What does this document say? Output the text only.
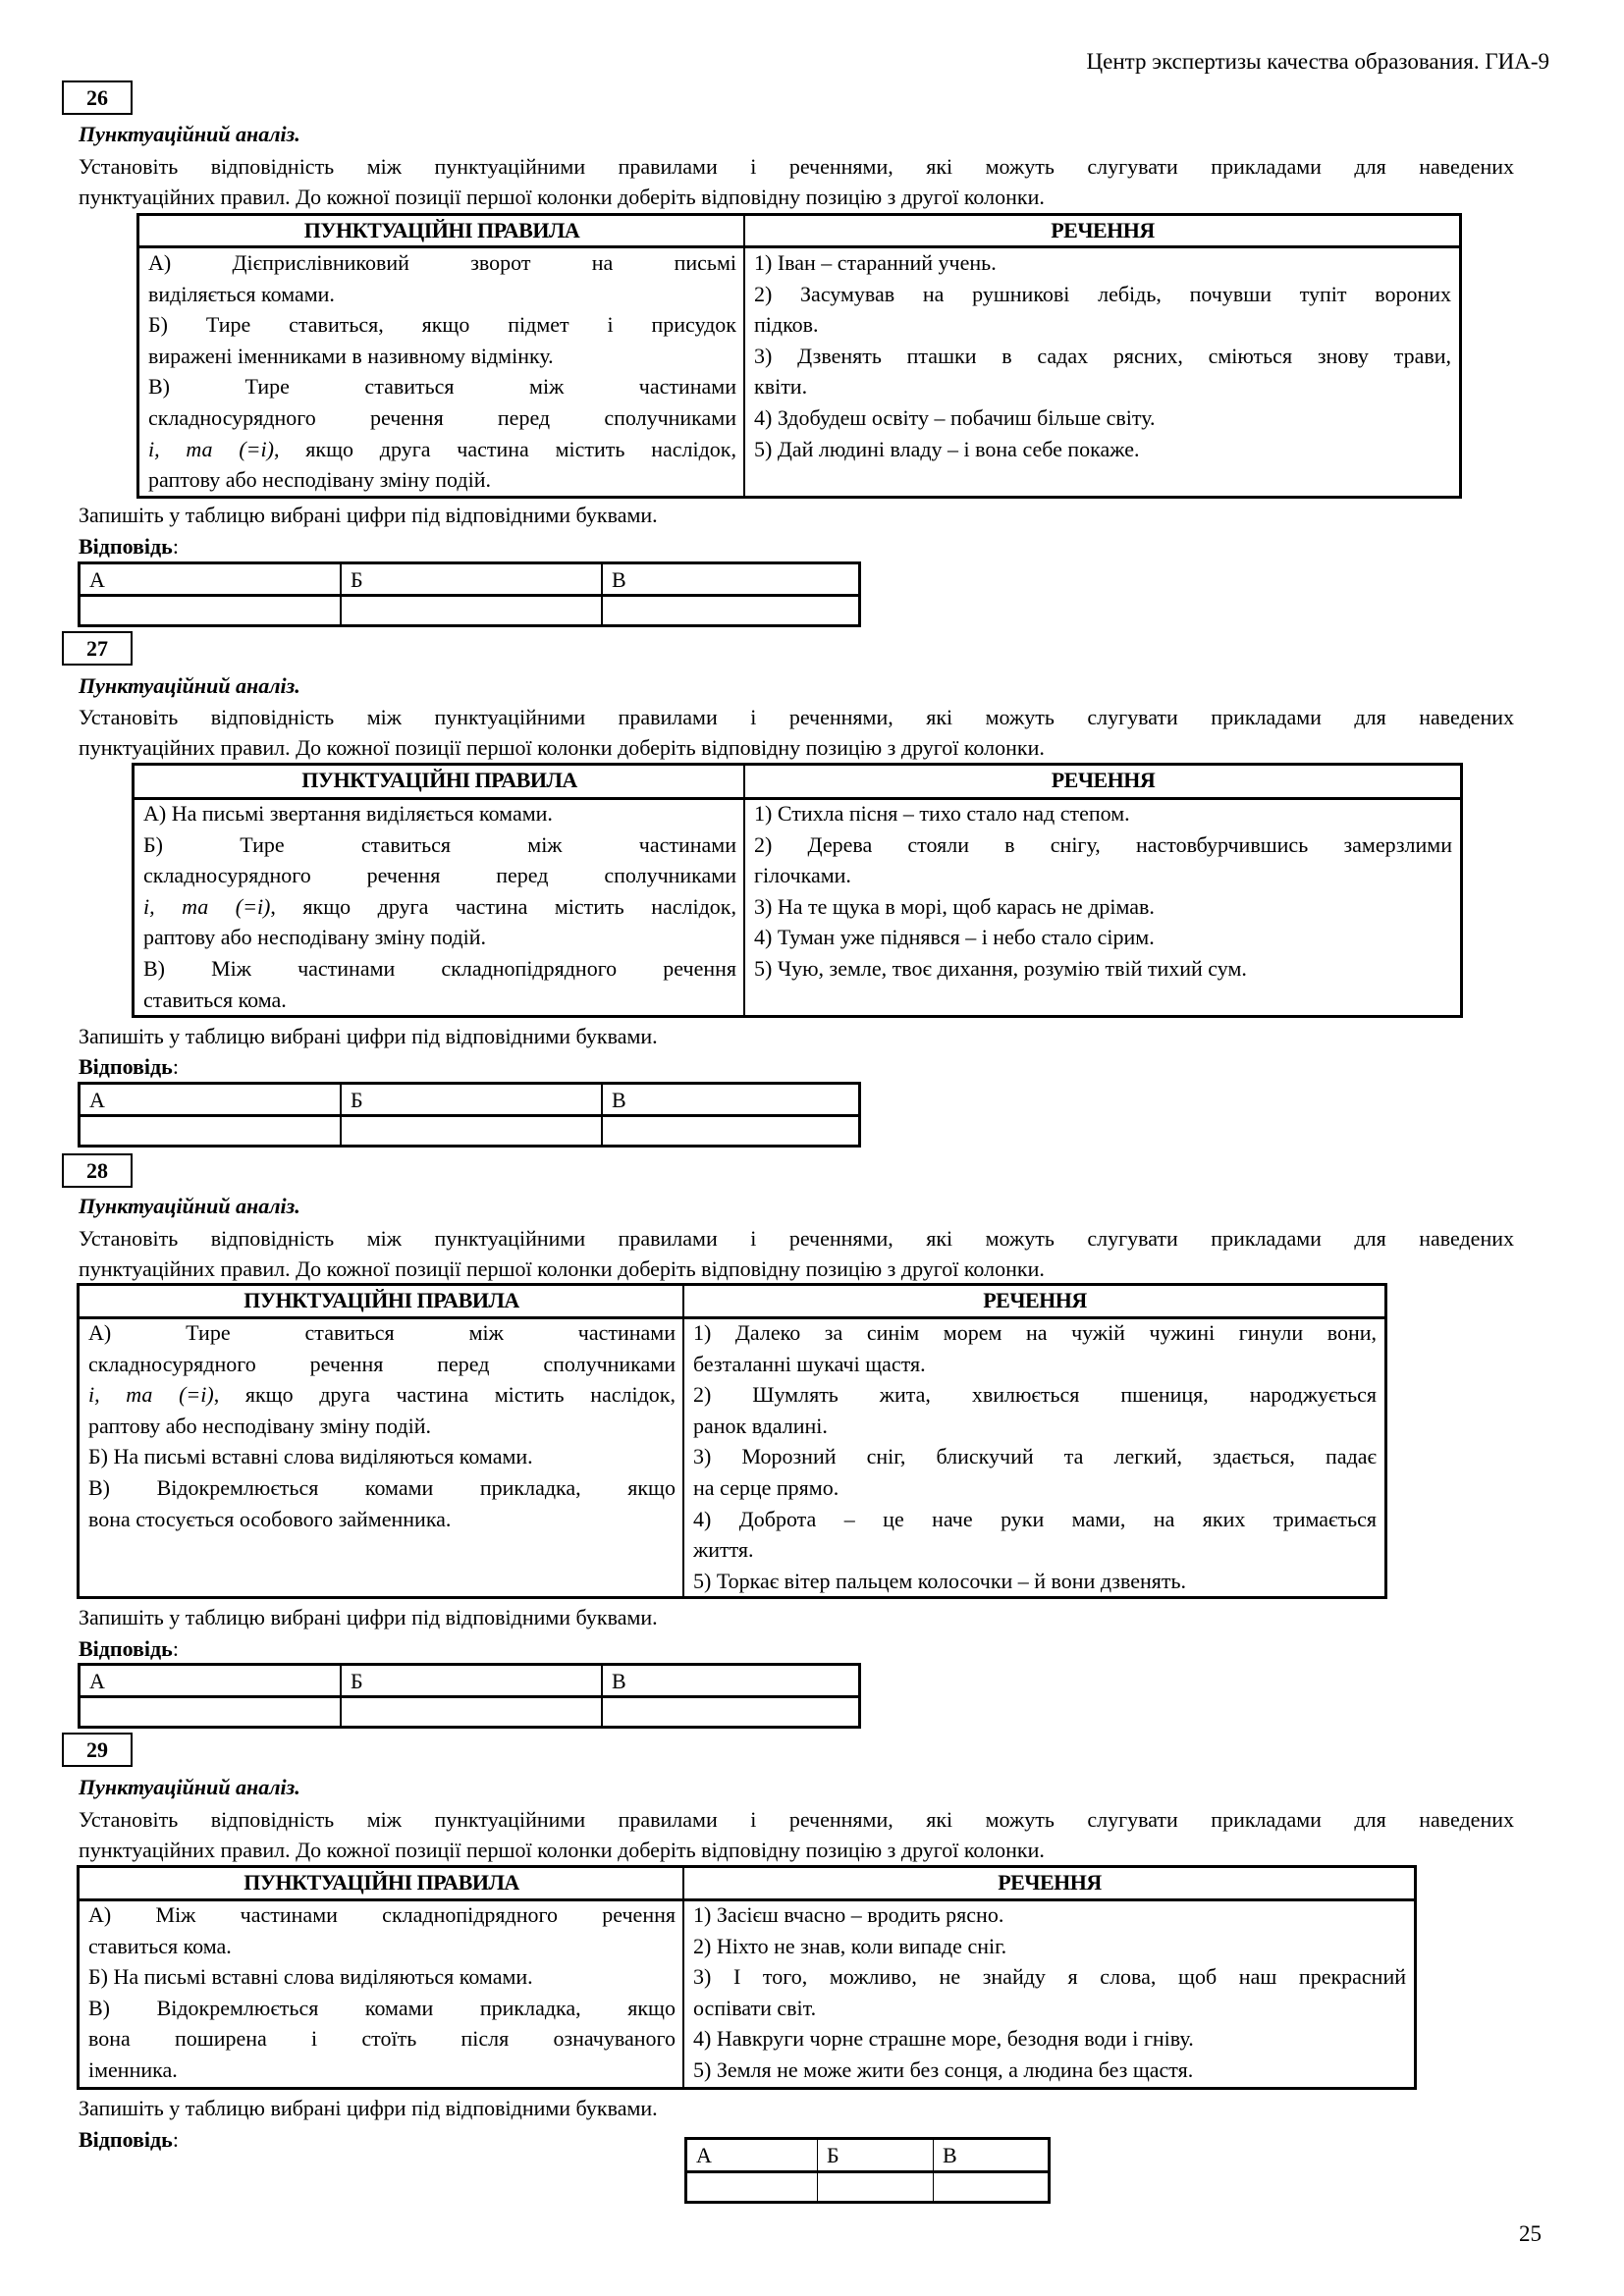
Центр экспертизы качества образования. ГИА-9
26
Пунктуаційний аналіз.
Установіть відповідність між пунктуаційними правилами і реченнями, які можуть слугувати прикладами для наведених
пунктуаційних правил. До кожної позиції першої колонки доберіть відповідну позицію з другої колонки.
ПУНКТУАЦІЙНІ ПРАВИЛА	РЕЧЕННЯ
А) Дієприслівниковий зворот на письмі
виділяється комами.
Б) Тире ставиться, якщо підмет і присудок
виражені іменниками в називному відмінку.
В) Тире ставиться між частинами
складносурядного речення перед сполучниками
і, та (=і), якщо друга частина містить наслідок,
раптову або несподівану зміну подій.
1) Іван – старанний учень.
2) Засумував на рушникові лебідь, почувши тупіт вороних
підков.
3) Дзвенять пташки в садах рясних, сміються знову трави,
квіти.
4) Здобудеш освіту – побачиш більше світу.
5) Дай людині владу – і вона себе покаже.
Запишіть у таблицю вибрані цифри під відповідними буквами.
Відповідь:
А	Б	В
27
Пунктуаційний аналіз.
Установіть відповідність між пунктуаційними правилами і реченнями, які можуть слугувати прикладами для наведених
пунктуаційних правил. До кожної позиції першої колонки доберіть відповідну позицію з другої колонки.
ПУНКТУАЦІЙНІ ПРАВИЛА	РЕЧЕННЯ
А) На письмі звертання виділяється комами.
Б) Тире ставиться між частинами
складносурядного речення перед сполучниками
і, та (=і), якщо друга частина містить наслідок,
раптову або несподівану зміну подій.
В) Між частинами складнопідрядного речення
ставиться кома.
1) Стихла пісня – тихо стало над степом.
2) Дерева стояли в снігу, настовбурчившись замерзлими
гілочками.
3) На те щука в морі, щоб карась не дрімав.
4) Туман уже піднявся – і небо стало сірим.
5) Чую, земле, твоє дихання, розумію твій тихий сум.
Запишіть у таблицю вибрані цифри під відповідними буквами.
Відповідь:
А	Б	В
28
Пунктуаційний аналіз.
Установіть відповідність між пунктуаційними правилами і реченнями, які можуть слугувати прикладами для наведених
пунктуаційних правил. До кожної позиції першої колонки доберіть відповідну позицію з другої колонки.
ПУНКТУАЦІЙНІ ПРАВИЛА	РЕЧЕННЯ
А) Тире ставиться між частинами
складносурядного речення перед сполучниками
і, та (=і), якщо друга частина містить наслідок,
раптову або несподівану зміну подій.
Б) На письмі вставні слова виділяються комами.
В) Відокремлюється комами прикладка, якщо
вона стосується особового займенника.
1) Далеко за синім морем на чужій чужині гинули вони,
безталанні шукачі щастя.
2) Шумлять жита, хвилюється пшениця, народжується
ранок вдалині.
3) Морозний сніг, блискучий та легкий, здається, падає
на серце прямо.
4) Доброта – це наче руки мами, на яких тримається
життя.
5) Торкає вітер пальцем колосочки – й вони дзвенять.
Запишіть у таблицю вибрані цифри під відповідними буквами.
Відповідь:
А	Б	В
29
Пунктуаційний аналіз.
Установіть відповідність між пунктуаційними правилами і реченнями, які можуть слугувати прикладами для наведених
пунктуаційних правил. До кожної позиції першої колонки доберіть відповідну позицію з другої колонки.
ПУНКТУАЦІЙНІ ПРАВИЛА	РЕЧЕННЯ
А) Між частинами складнопідрядного речення
ставиться кома.
Б) На письмі вставні слова виділяються комами.
В) Відокремлюється комами прикладка, якщо
вона поширена і стоїть після означуваного
іменника.
1) Засієш вчасно – вродить рясно.
2) Ніхто не знав, коли випаде сніг.
3) І того, можливо, не знайду я слова, щоб наш прекрасний
оспівати світ.
4) Навкруги чорне страшне море, безодня води і гніву.
5) Земля не може жити без сонця, а людина без щастя.
Запишіть у таблицю вибрані цифри під відповідними буквами.
Відповідь:
А	Б	В
25
